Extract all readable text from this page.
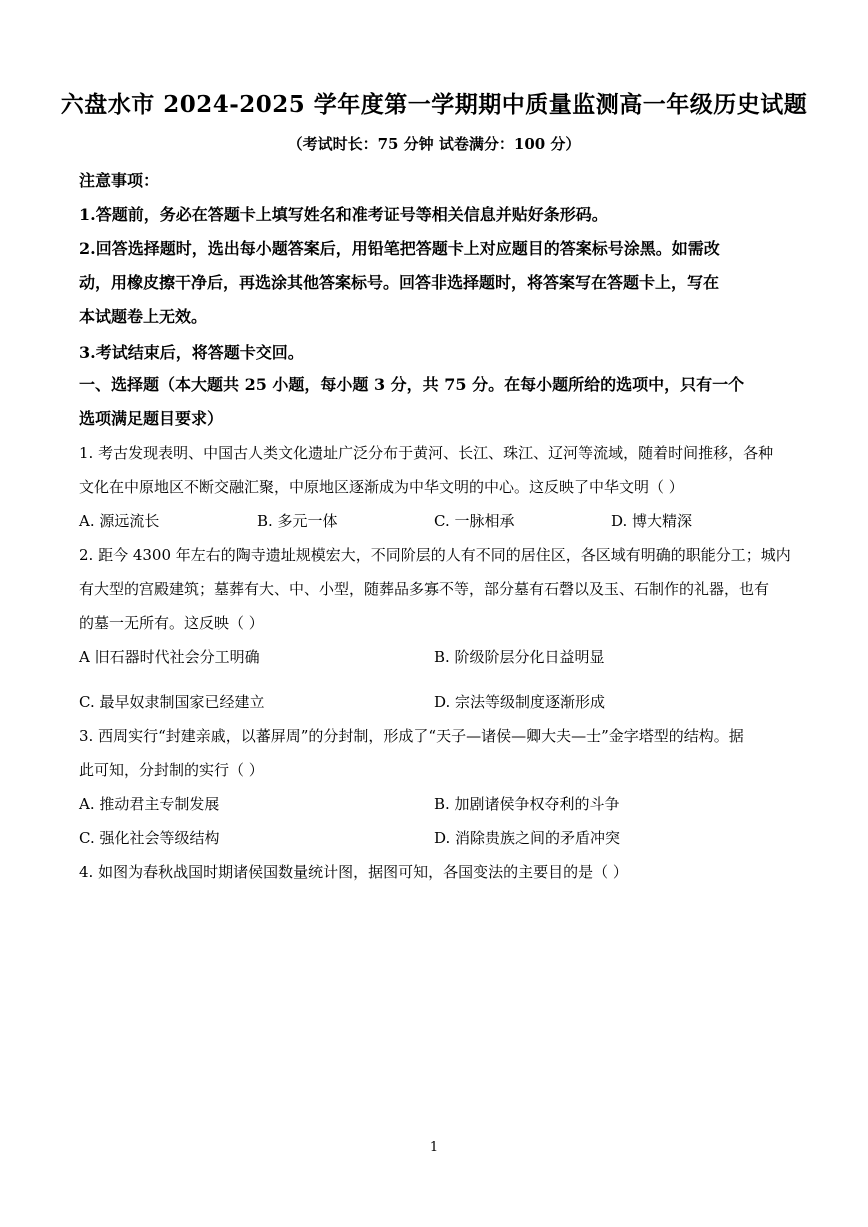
六盘水市 2024-2025 学年度第一学期期中质量监测高一年级历史试题
（考试时长：75 分钟 试卷满分：100 分）
注意事项：
1.答题前，务必在答题卡上填写姓名和准考证号等相关信息并贴好条形码。
2.回答选择题时，选出每小题答案后，用铅笔把答题卡上对应题目的答案标号涂黑。如需改
动，用橡皮擦干净后，再选涂其他答案标号。回答非选择题时，将答案写在答题卡上，写在
本试题卷上无效。
3.考试结束后，将答题卡交回。
一、选择题（本大题共 25 小题，每小题 3 分，共 75 分。在每小题所给的选项中，只有一个
选项满足题目要求）
1. 考古发现表明、中国古人类文化遗址广泛分布于黄河、长江、珠江、辽河等流域，随着时间推移，各种
文化在中原地区不断交融汇聚，中原地区逐渐成为中华文明的中心。这反映了中华文明（ ）
A. 源远流长	B. 多元一体	C. 一脉相承	D. 博大精深
2. 距今 4300 年左右的陶寺遗址规模宏大，不同阶层的人有不同的居住区，各区域有明确的职能分工；城内
有大型的宫殿建筑；墓葬有大、中、小型，随葬品多寡不等，部分墓有石磬以及玉、石制作的礼器，也有
的墓一无所有。这反映（ ）
A 旧石器时代社会分工明确	B. 阶级阶层分化日益明显
C. 最早奴隶制国家已经建立	D. 宗法等级制度逐渐形成
3. 西周实行“封建亲戚，以蕃屏周”的分封制，形成了“天子—诸侯—卿大夫—士”金字塔型的结构。据
此可知，分封制的实行（ ）
A. 推动君主专制发展	B. 加剧诸侯争权夺利的斗争
C. 强化社会等级结构	D. 消除贵族之间的矛盾冲突
4. 如图为春秋战国时期诸侯国数量统计图，据图可知，各国变法的主要目的是（ ）
1
